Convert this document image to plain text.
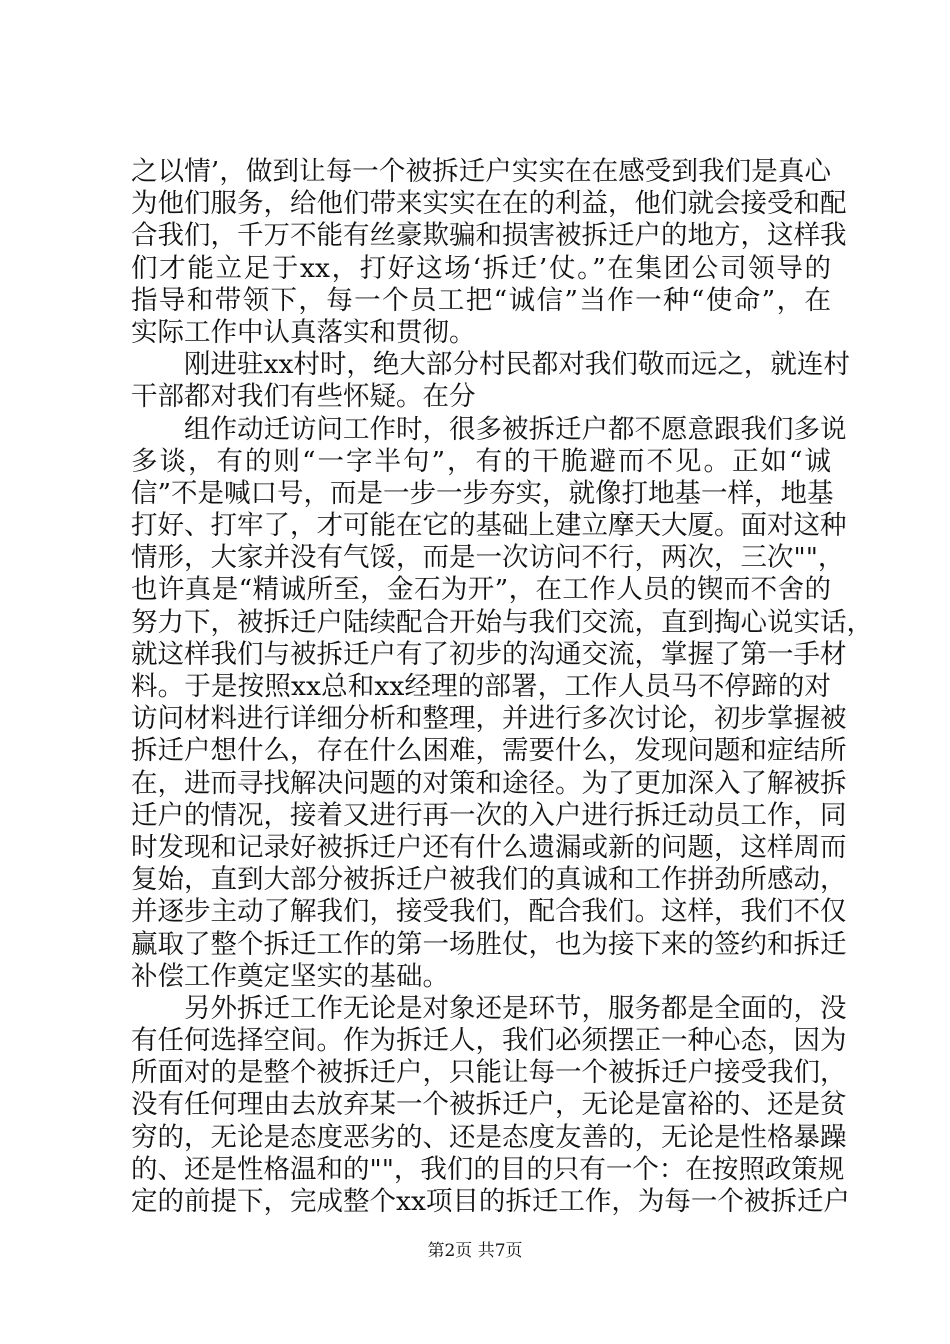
之以情’，做到让每一个被拆迁户实实在在感受到我们是真心
为他们服务，给他们带来实实在在的利益，他们就会接受和配
合我们，千万不能有丝豪欺骗和损害被拆迁户的地方，这样我
们才能立足于xx，打好这场‘拆迁’仗。”在集团公司领导的
指导和带领下，每一个员工把“诚信”当作一种“使命”，在
实际工作中认真落实和贯彻。
刚进驻xx村时，绝大部分村民都对我们敬而远之，就连村
干部都对我们有些怀疑。在分
组作动迁访问工作时，很多被拆迁户都不愿意跟我们多说
多谈，有的则“一字半句”，有的干脆避而不见。正如“诚
信”不是喊口号，而是一步一步夯实，就像打地基一样，地基
打好、打牢了，才可能在它的基础上建立摩天大厦。面对这种
情形，大家并没有气馁，而是一次访问不行，两次，三次""，
也许真是“精诚所至，金石为开”，在工作人员的锲而不舍的
努力下，被拆迁户陆续配合开始与我们交流，直到掏心说实话，
就这样我们与被拆迁户有了初步的沟通交流，掌握了第一手材
料。于是按照xx总和xx经理的部署，工作人员马不停蹄的对
访问材料进行详细分析和整理，并进行多次讨论，初步掌握被
拆迁户想什么，存在什么困难，需要什么，发现问题和症结所
在，进而寻找解决问题的对策和途径。为了更加深入了解被拆
迁户的情况，接着又进行再一次的入户进行拆迁动员工作，同
时发现和记录好被拆迁户还有什么遗漏或新的问题，这样周而
复始，直到大部分被拆迁户被我们的真诚和工作拼劲所感动，
并逐步主动了解我们，接受我们，配合我们。这样，我们不仅
赢取了整个拆迁工作的第一场胜仗，也为接下来的签约和拆迁
补偿工作奠定坚实的基础。
另外拆迁工作无论是对象还是环节，服务都是全面的，没
有任何选择空间。作为拆迁人，我们必须摆正一种心态，因为
所面对的是整个被拆迁户，只能让每一个被拆迁户接受我们，
没有任何理由去放弃某一个被拆迁户，无论是富裕的、还是贫
穷的，无论是态度恶劣的、还是态度友善的，无论是性格暴躁
的、还是性格温和的""，我们的目的只有一个：在按照政策规
定的前提下，完成整个xx项目的拆迁工作，为每一个被拆迁户
第2页 共7页
